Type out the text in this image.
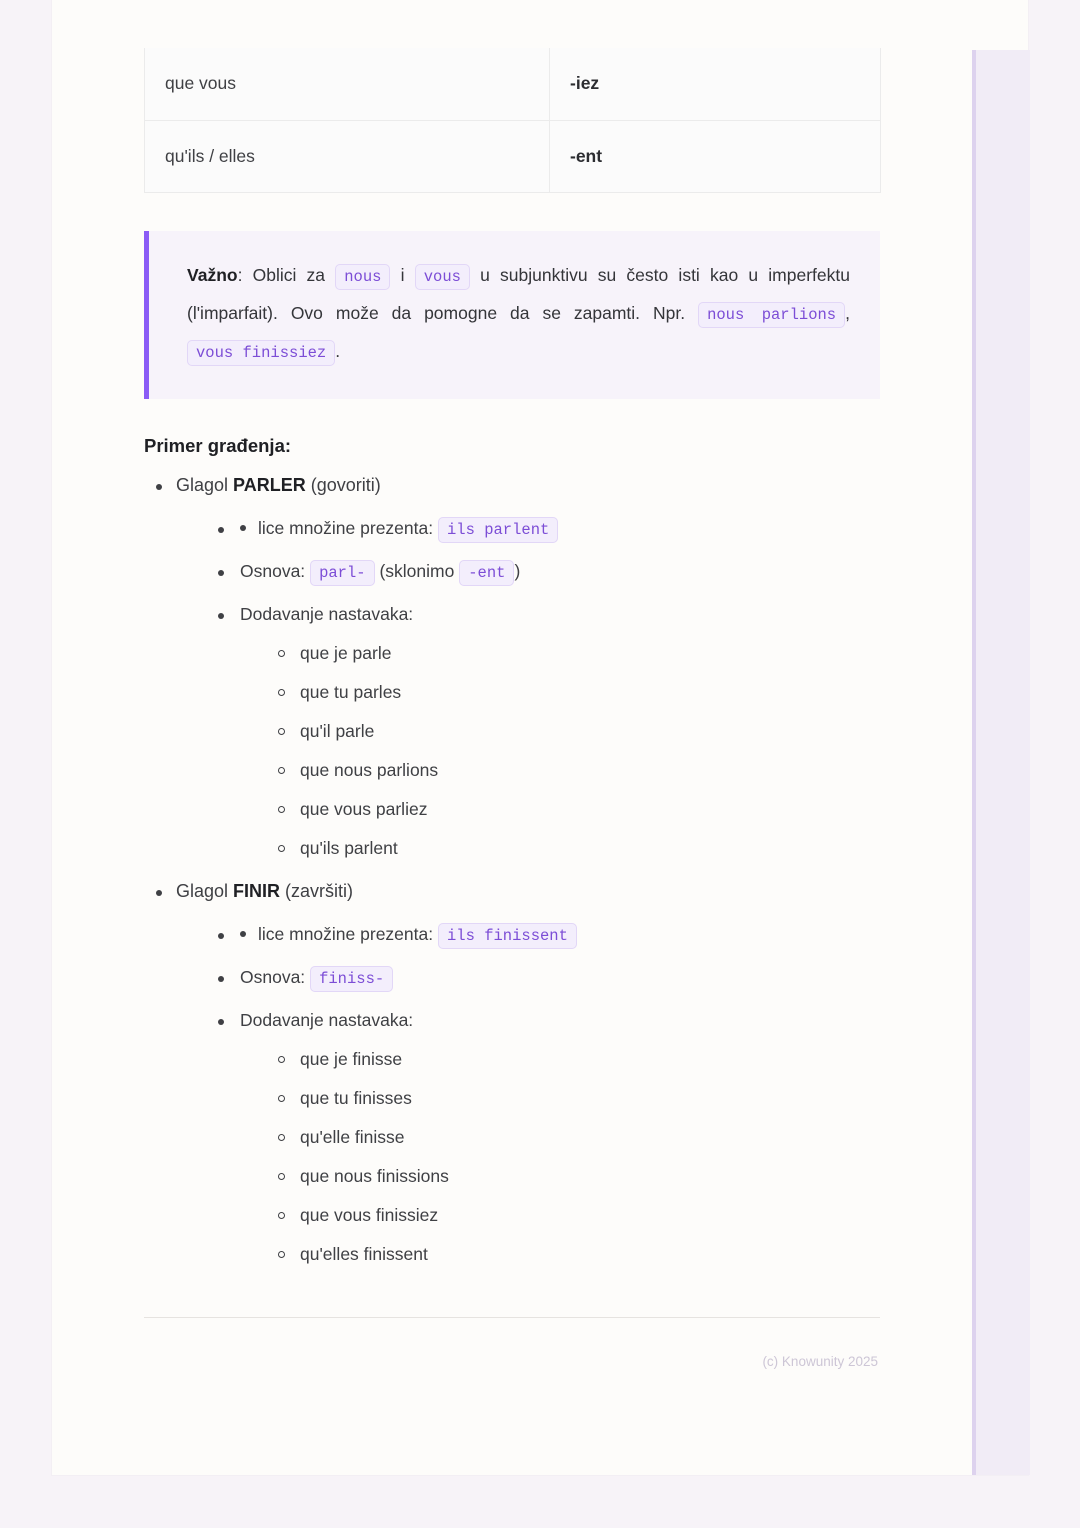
que vous	-iez
qu'ils / elles	-ent

Važno: Oblici za nous i vous u subjunktivu su često isti kao u imperfektu (l'imparfait). Ovo može da pomogne da se zapamti. Npr. nous parlions , vous finissiez .

Primer građenja:
Glagol PARLER (govoriti)
lice množine prezenta: ils parlent
Osnova: parl- (sklonimo -ent )
Dodavanje nastavaka:
que je parle
que tu parles
qu'il parle
que nous parlions
que vous parliez
qu'ils parlent
Glagol FINIR (završiti)
lice množine prezenta: ils finissent
Osnova: finiss-
Dodavanje nastavaka:
que je finisse
que tu finisses
qu'elle finisse
que nous finissions
que vous finissiez
qu'elles finissent
(c) Knowunity 2025
